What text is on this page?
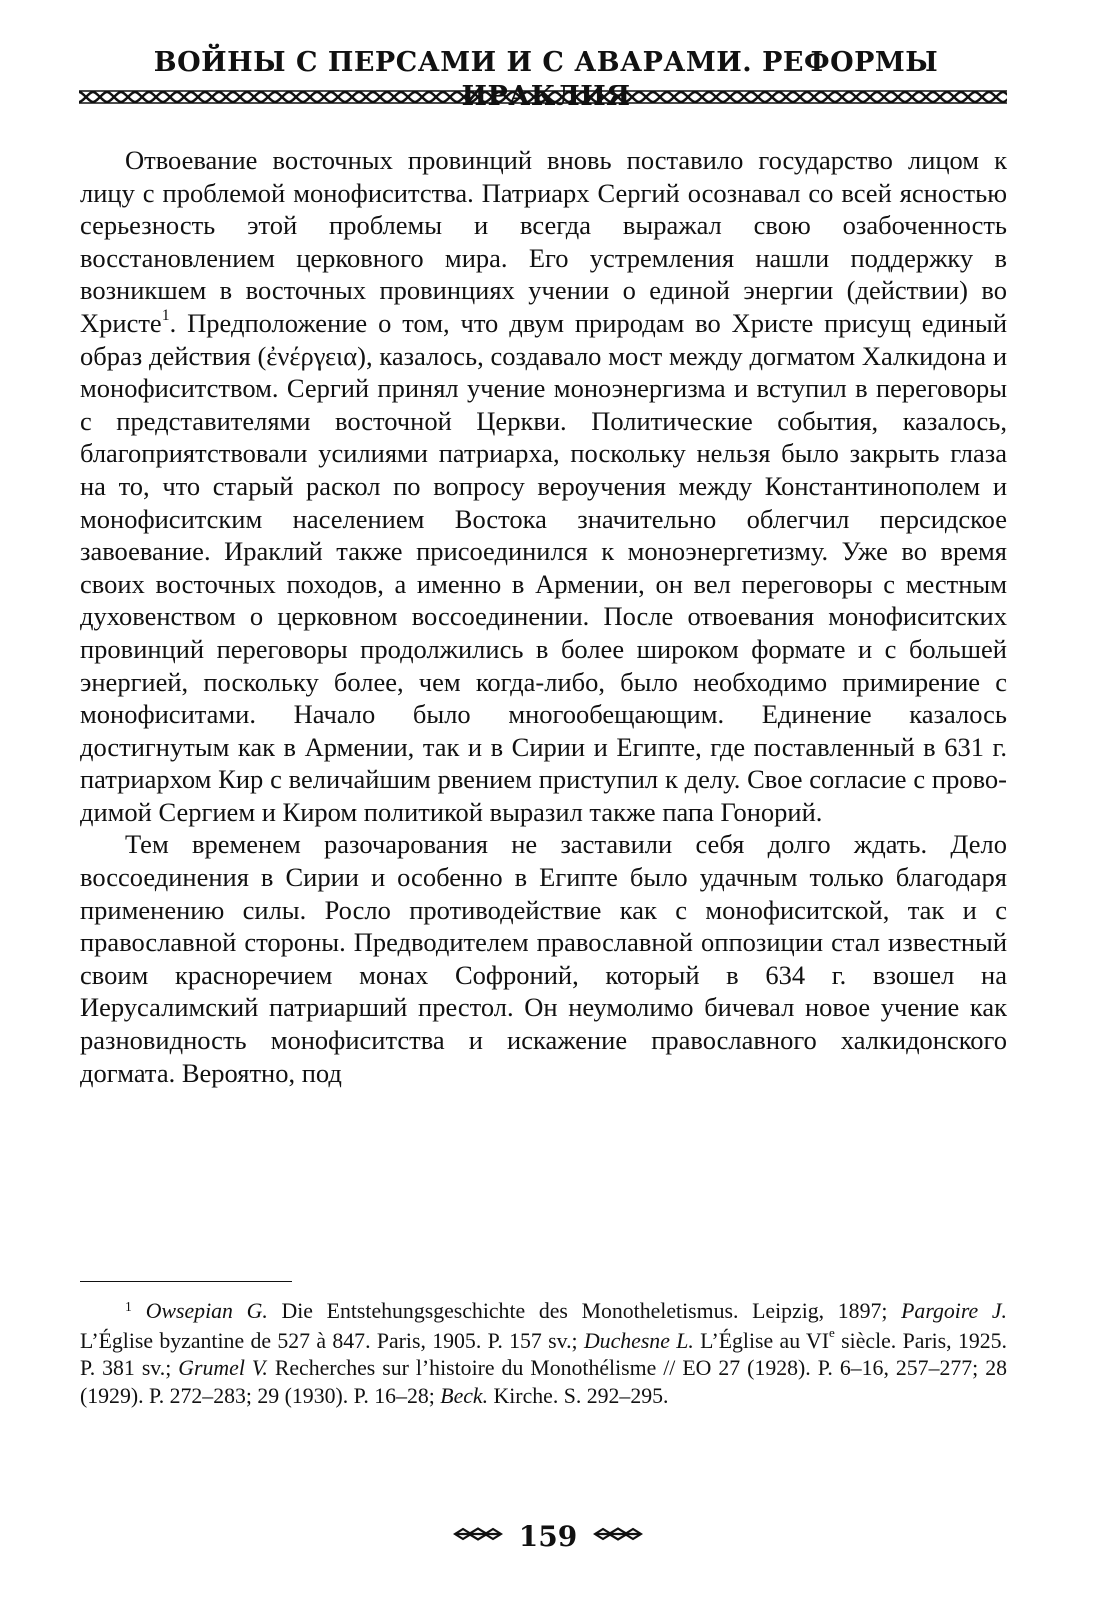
ВОЙНЫ С ПЕРСАМИ И С АВАРАМИ. РЕФОРМЫ ИРАКЛИЯ

Отвоевание восточных провинций вновь поставило государство лицом к лицу с проблемой монофиситства. Патриарх Сергий осознавал со всей ясностью серьезность этой проблемы и всегда выражал свою озабоченность восстановлением церковного мира. Его устремления нашли поддержку в возникшем в восточных провинциях учении о единой энергии (действии) во Христе$^1$. Предположение о том, что двум природам во Христе присущ единый образ действия (ἐνέργεια), казалось, создавало мост между догматом Халкидона и монофиситством. Сергий принял учение моноэнергизма и вступил в переговоры с представителями восточной Церкви. Политические события, казалось, благоприятствовали усилиями патриарха, поскольку нельзя было закрыть глаза на то, что старый раскол по вопросу вероучения между Константинополем и монофиситским населением Востока значительно облегчил персидское завоевание. Ираклий также присоединился к моноэнергетизму. Уже во время своих восточных походов, а именно в Армении, он вел переговоры с местным духовенством о церковном воссоединении. После отвоевания монофиситских провинций переговоры продолжились в более широком формате и с большей энергией, поскольку более, чем когда-либо, было необходимо примирение с монофиситами. Начало было многообещающим. Единение казалось достигнутым как в Армении, так и в Сирии и Египте, где поставленный в 631 г. патриархом Кир с величайшим рвением приступил к делу. Свое согласие с проводимой Сергием и Киром политикой выразил также папа Гонорий.

Тем временем разочарования не заставили себя долго ждать. Дело воссоединения в Сирии и особенно в Египте было удачным только благодаря применению силы. Росло противодействие как с монофиситской, так и с православной стороны. Предводителем православной оппозиции стал известный своим красноречием монах Софроний, который в 634 г. взошел на Иерусалимский патриарший престол. Он неумолимо бичевал новое учение как разновидность монофиситства и искажение православного халкидонского догмата. Вероятно, под

$^1$ Owsepian G. Die Entstehungsgeschichte des Monotheletismus. Leipzig, 1897; Pargoire J. L’Église byzantine de 527 à 847. Paris, 1905. P. 157 sv.; Duchesne L. L’Église au VIe siècle. Paris, 1925. P. 381 sv.; Grumel V. Recherches sur l’histoire du Monothélisme // EO 27 (1928). P. 6–16, 257–277; 28 (1929). P. 272–283; 29 (1930). P. 16–28; Beck. Kirche. S. 292–295.

159
